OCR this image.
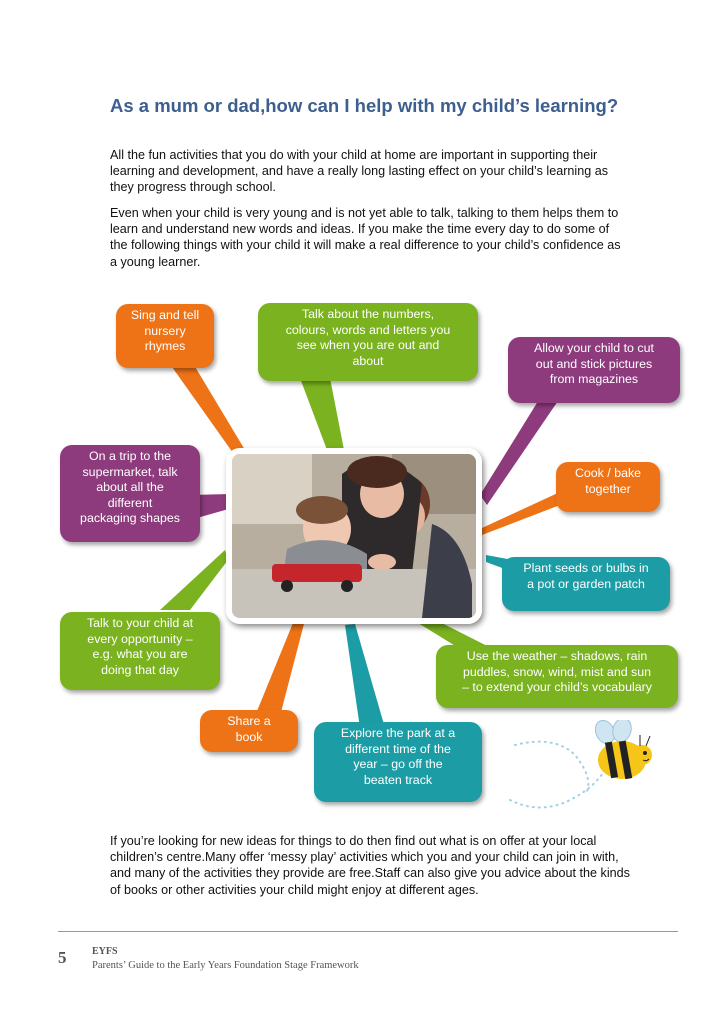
As a mum or dad,how can I help with my child’s learning?

All the fun activities that you do with your child at home are important in supporting their learning and development, and have a really long lasting effect on your child’s learning as they progress through school.

Even when your child is very young and is not yet able to talk, talking to them helps them to learn and understand new words and ideas. If you make the time every day to do some of the following things with your child it will make a real difference to your child’s confidence as a young learner.

Sing and tell
nursery
rhymes
Talk about the numbers,
colours, words and letters you
see when you are out and
about
Allow your child to cut
out and stick pictures
from magazines
On a trip to the
supermarket, talk
about all the
different
packaging shapes
Cook / bake
together
Plant seeds or bulbs in
a pot or garden patch
Talk to your child at
every opportunity –
e.g. what you are
doing that day
Use the weather – shadows, rain
puddles, snow, wind, mist and sun
– to extend your child’s vocabulary
Share a
book	Explore the park at a
different time of the
year – go off the
beaten track

If you’re looking for new ideas for things to do then find out what is on offer at your local children’s centre.Many offer ‘messy play’ activities which you and your child can join in with, and many of the activities they provide are free.Staff can also give you advice about the kinds of books or other activities your child might enjoy at different ages.

5	EYFS
Parents’ Guide to the Early Years Foundation Stage Framework
